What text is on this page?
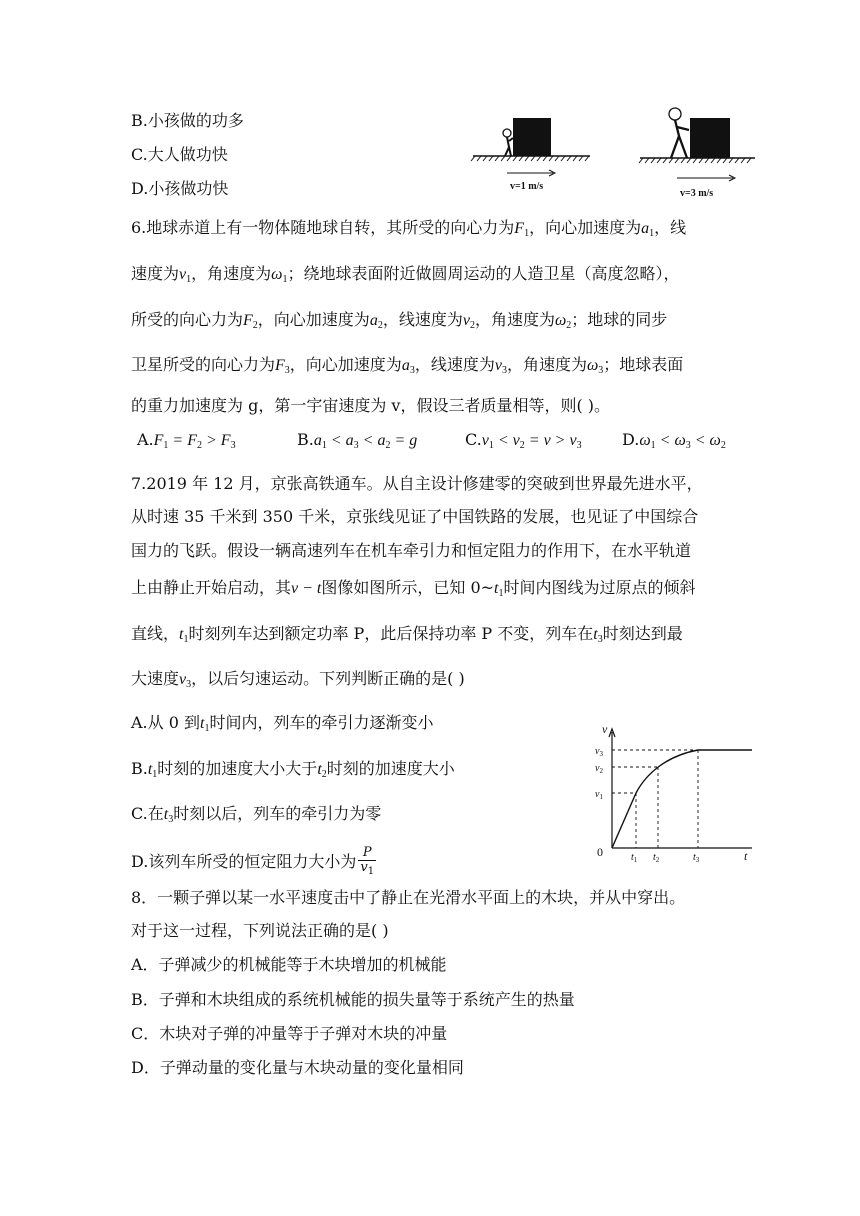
B.小孩做的功多
C.大人做功快
D.小孩做功快	v=1 m/s
v=3 m/s
6.地球赤道上有一物体随地球自转，其所受的向心力为$F_1$，向心加速度为$a_1$，线
速度为$v_1$，角速度为$\omega_1$；绕地球表面附近做圆周运动的人造卫星（高度忽略），
所受的向心力为$F_2$，向心加速度为$a_2$，线速度为$v_2$，角速度为$\omega_2$；地球的同步
卫星所受的向心力为$F_3$，向心加速度为$a_3$，线速度为$v_3$，角速度为$\omega_3$；地球表面
的重力加速度为 g，第一宇宙速度为 v，假设三者质量相等，则( )。
$A.F_1 = F_2 > F_3$	$B.a_1 < a_3 < a_2 = g$	$C.v_1 < v_2 = v > v_3$	$D.\omega_1 < \omega_3 < \omega_2$
7.2019 年 12 月，京张高铁通车。从自主设计修建零的突破到世界最先进水平，
从时速 35 千米到 350 千米，京张线见证了中国铁路的发展，也见证了中国综合
国力的飞跃。假设一辆高速列车在机车牵引力和恒定阻力的作用下，在水平轨道
上由静止开始启动，其v − t图像如图所示，已知 $0\sim t_1$时间内图线为过原点的倾斜
直线，$t_1$时刻列车达到额定功率 P，此后保持功率 P 不变，列车在$t_3$时刻达到最
大速度$v_3$，以后匀速运动。下列判断正确的是( )
A.从 0 到$t_1$时间内，列车的牵引力逐渐变小
$B.t_1$时刻的加速度大小大于$t_2$时刻的加速度大小
C.在$t_3$时刻以后，列车的牵引力为零
D.该列车所受的恒定阻力大小为 $\frac{P}{v_1}$
v
t
0
$v_3$
$v_2$
$v_1$
$t_1$ $t_2$	$t_3$
8．一颗子弹以某一水平速度击中了静止在光滑水平面上的木块，并从中穿出。
对于这一过程，下列说法正确的是( )
A．子弹减少的机械能等于木块增加的机械能
B．子弹和木块组成的系统机械能的损失量等于系统产生的热量
C．木块对子弹的冲量等于子弹对木块的冲量
D．子弹动量的变化量与木块动量的变化量相同
